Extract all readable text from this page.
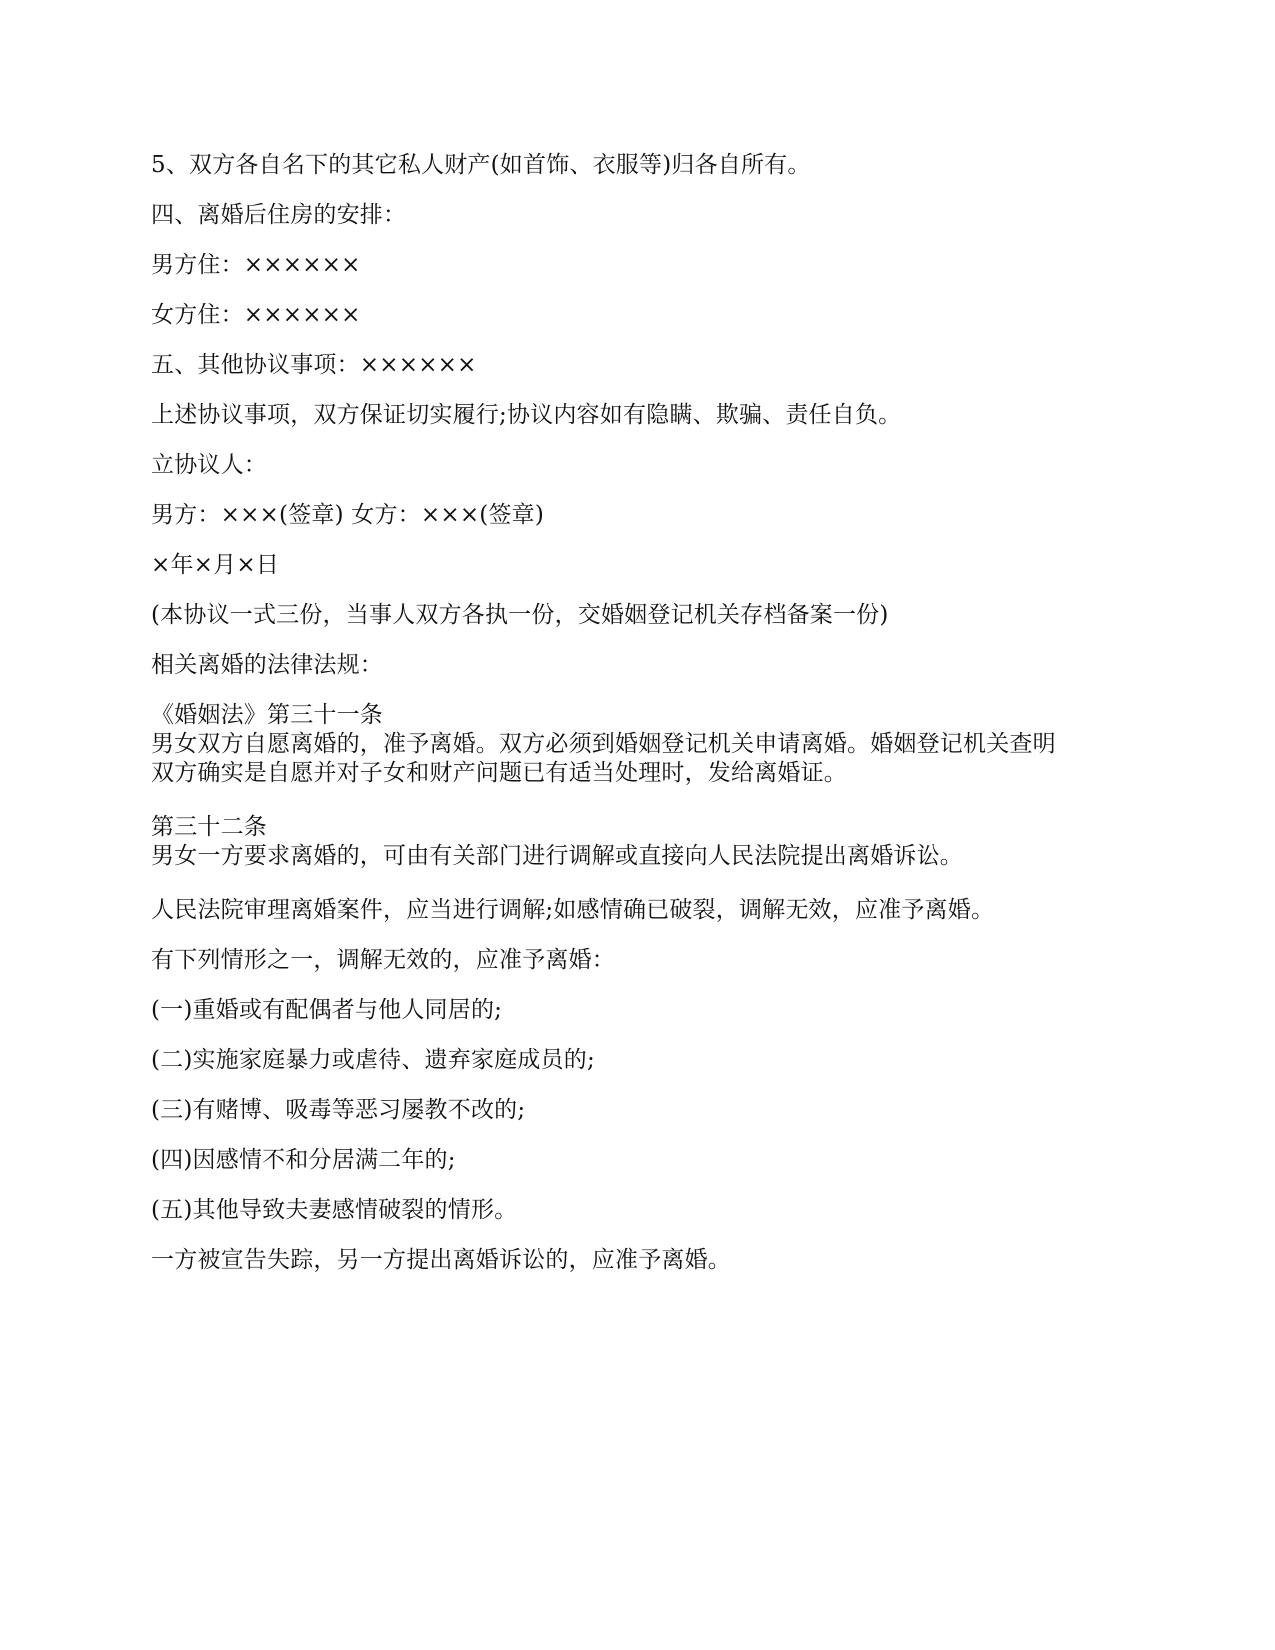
5、双方各自名下的其它私人财产(如首饰、衣服等)归各自所有。
四、离婚后住房的安排：
男方住：××××××
女方住：××××××
五、其他协议事项：××××××
上述协议事项，双方保证切实履行;协议内容如有隐瞒、欺骗、责任自负。
立协议人：
男方：×××(签章) 女方：×××(签章)
×年×月×日
(本协议一式三份，当事人双方各执一份，交婚姻登记机关存档备案一份)
相关离婚的法律法规：
《婚姻法》第三十一条
男女双方自愿离婚的，准予离婚。双方必须到婚姻登记机关申请离婚。婚姻登记机关查明
双方确实是自愿并对子女和财产问题已有适当处理时，发给离婚证。
第三十二条
男女一方要求离婚的，可由有关部门进行调解或直接向人民法院提出离婚诉讼。
人民法院审理离婚案件，应当进行调解;如感情确已破裂，调解无效，应准予离婚。
有下列情形之一，调解无效的，应准予离婚：
(一)重婚或有配偶者与他人同居的;
(二)实施家庭暴力或虐待、遗弃家庭成员的;
(三)有赌博、吸毒等恶习屡教不改的;
(四)因感情不和分居满二年的;
(五)其他导致夫妻感情破裂的情形。
一方被宣告失踪，另一方提出离婚诉讼的，应准予离婚。
